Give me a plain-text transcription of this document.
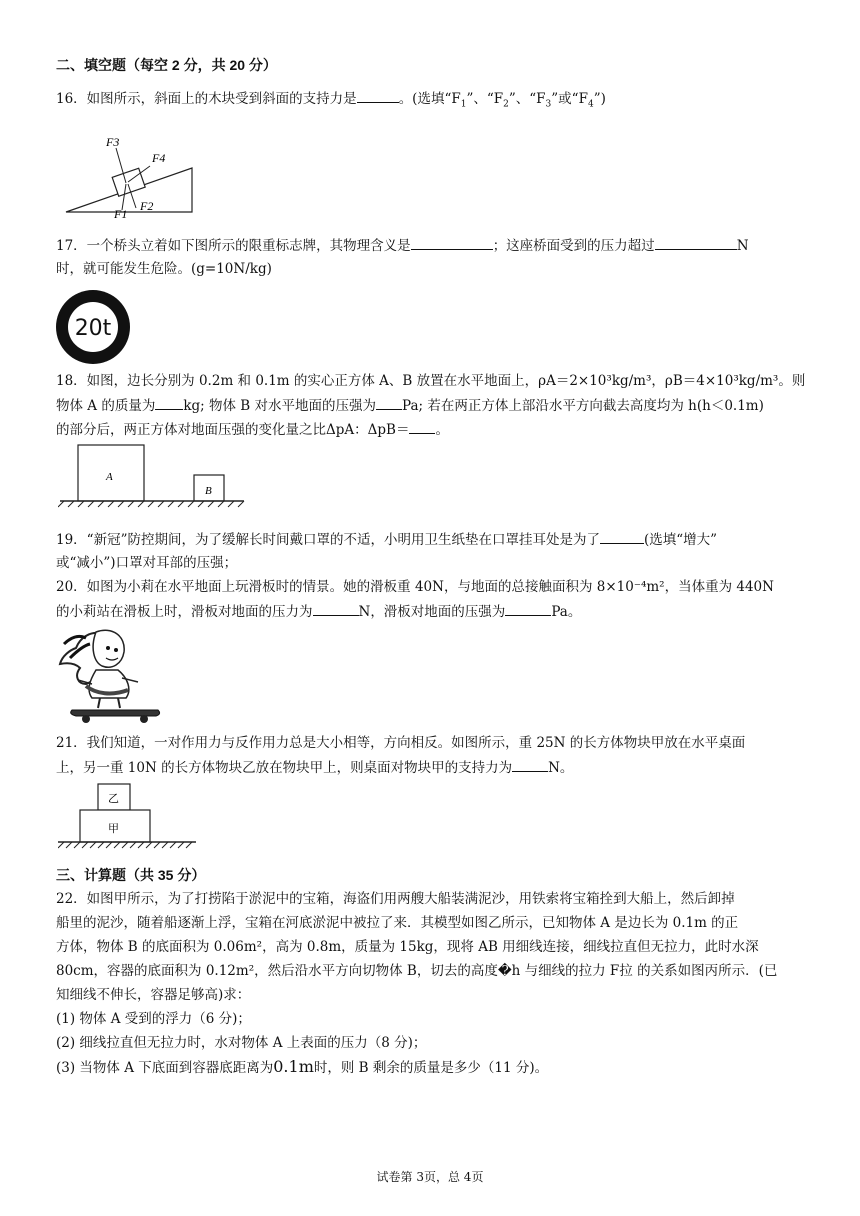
二、填空题（每空 2 分，共 20 分）
16．如图所示，斜面上的木块受到斜面的支持力是	。(选填“$F_1$”、“$F_2$”、“$F_3$”或“$F_4$”)
F3
F4
F1
F2
17．一个桥头立着如下图所示的限重标志牌，其物理含义是	；这座桥面受到的压力超过	N
时，就可能发生危险。(g=10N/kg)
20t
18．如图，边长分别为 0.2m 和 0.1m 的实心正方体 A、B 放置在水平地面上，ρA＝2×10³kg/m³，ρB＝4×10³kg/m³。则
物体 A 的质量为 kg; 物体 B 对水平地面的压强为 Pa; 若在两正方体上部沿水平方向截去高度均为 h(h＜0.1m)
的部分后，两正方体对地面压强的变化量之比ΔpA：ΔpB＝ 。
A
B
19．“新冠”防控期间，为了缓解长时间戴口罩的不适，小明用卫生纸垫在口罩挂耳处是为了	(选填“增大”
或“减小”)口罩对耳部的压强；
20．如图为小莉在水平地面上玩滑板时的情景。她的滑板重 40N，与地面的总接触面积为 8×10⁻⁴m²，当体重为 440N
的小莉站在滑板上时，滑板对地面的压力为	N，滑板对地面的压强为	Pa。
21．我们知道，一对作用力与反作用力总是大小相等，方向相反。如图所示，重 25N 的长方体物块甲放在水平桌面
上，另一重 10N 的长方体物块乙放在物块甲上，则桌面对物块甲的支持力为	N。
乙
甲
三、计算题（共 35 分）
22．如图甲所示，为了打捞陷于淤泥中的宝箱，海盗们用两艘大船装满泥沙，用铁索将宝箱拴到大船上，然后卸掉
船里的泥沙，随着船逐渐上浮，宝箱在河底淤泥中被拉了来．其模型如图乙所示，已知物体 A 是边长为 0.1m 的正
方体，物体 B 的底面积为 0.06m²，高为 0.8m，质量为 15kg，现将 AB 用细线连接，细线拉直但无拉力，此时水深
80cm，容器的底面积为 0.12m²，然后沿水平方向切物体 B，切去的高度�h 与细线的拉力 F拉 的关系如图丙所示．(已
知细线不伸长，容器足够高)求：
(1) 物体 A 受到的浮力（6 分)；
(2) 细线拉直但无拉力时，水对物体 A 上表面的压力（8 分)；
(3) 当物体 A 下底面到容器底距离为0.1m时，则 B 剩余的质量是多少（11 分)。
试卷第 3页，总 4页
